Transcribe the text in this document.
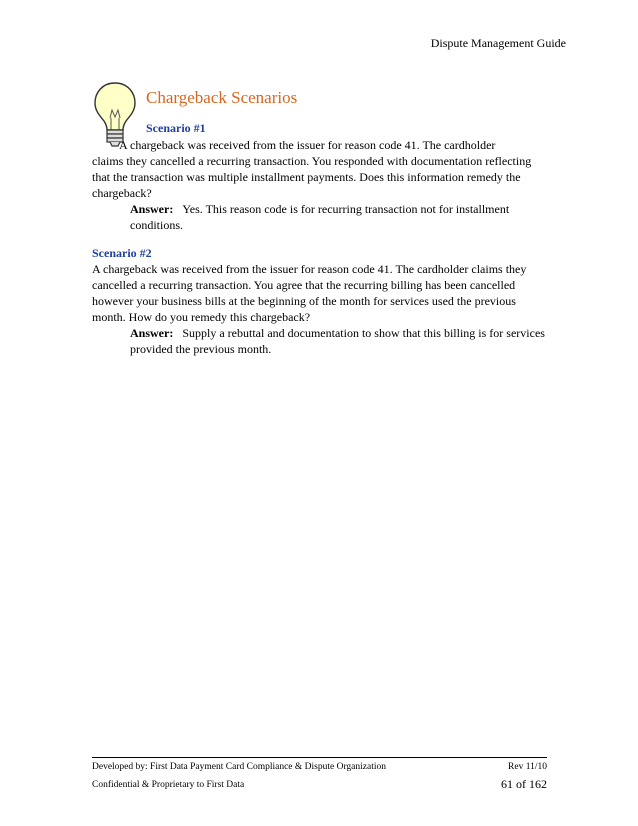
Dispute Management Guide
Chargeback Scenarios
Scenario #1
A chargeback was received from the issuer for reason code 41. The cardholder

claims they cancelled a recurring transaction. You responded with documentation reflecting that the transaction was multiple installment payments. Does this information remedy the chargeback?

Answer: Yes. This reason code is for recurring transaction not for installment conditions.

Scenario #2

A chargeback was received from the issuer for reason code 41. The cardholder claims they cancelled a recurring transaction. You agree that the recurring billing has been cancelled however your business bills at the beginning of the month for services used the previous month. How do you remedy this chargeback?

Answer: Supply a rebuttal and documentation to show that this billing is for services provided the previous month.

Developed by: First Data Payment Card Compliance & Dispute Organization	Rev 11/10
Confidential & Proprietary to First Data	61 of 162
